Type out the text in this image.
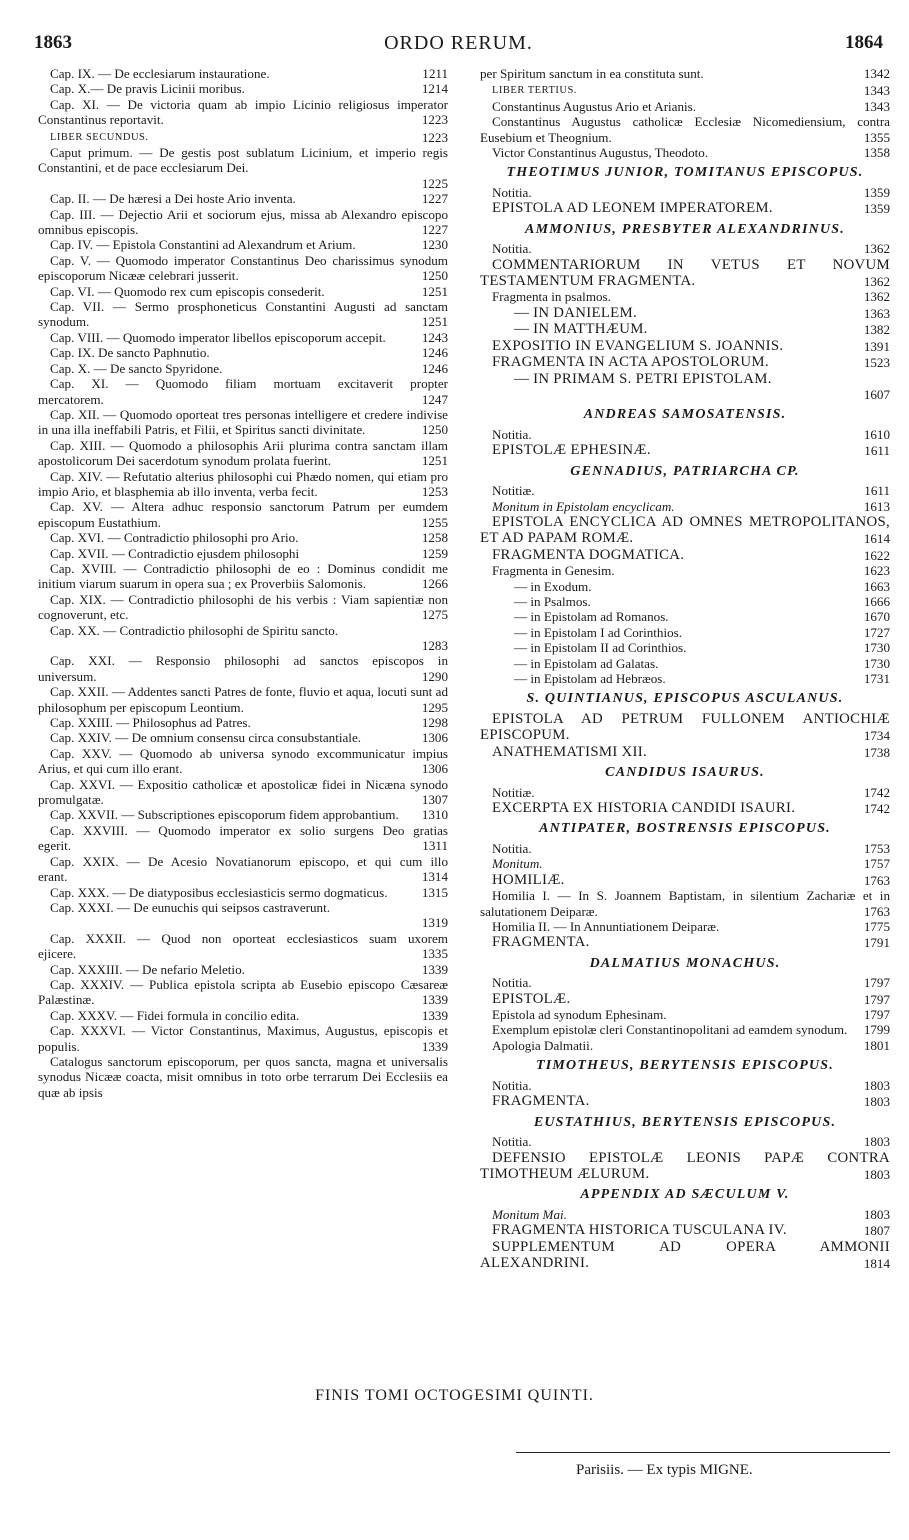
1863	ORDO RERUM.	1864
Cap. IX. — De ecclesiarum instauratione.	1211
Cap. X.— De pravis Licinii moribus.	1214
Cap. XI. — De victoria quam ab impio Licinio religiosus imperator Constantinus reportavit.	1223
LIBER SECUNDUS.	1223
Caput primum. — De gestis post sublatum Licinium, et imperio regis Constantini, et de pace ecclesiarum Dei.
1225
Cap. II. — De hæresi a Dei hoste Ario inventa.	1227
Cap. III. — Dejectio Arii et sociorum ejus, missa ab Alexandro episcopo omnibus episcopis.	1227
Cap. IV. — Epistola Constantini ad Alexandrum et Arium.	1230
Cap. V. — Quomodo imperator Constantinus Deo charissimus synodum episcoporum Nicææ celebrari jusserit.	1250
Cap. VI. — Quomodo rex cum episcopis consederit.	1251
Cap. VII. — Sermo prosphoneticus Constantini Augusti ad sanctam synodum.	1251
Cap. VIII. — Quomodo imperator libellos episcoporum accepit.	1243
Cap. IX. De sancto Paphnutio.	1246
Cap. X. — De sancto Spyridone.	1246
Cap. XI. — Quomodo filiam mortuam excitaverit propter mercatorem.	1247
Cap. XII. — Quomodo oporteat tres personas intelligere et credere indivise in una illa ineffabili Patris, et Filii, et Spiritus sancti divinitate.	1250
Cap. XIII. — Quomodo a philosophis Arii plurima contra sanctam illam apostolicorum Dei sacerdotum synodum prolata fuerint.	1251
Cap. XIV. — Refutatio alterius philosophi cui Phædo nomen, qui etiam pro impio Ario, et blasphemia ab illo inventa, verba fecit.	1253
Cap. XV. — Altera adhuc responsio sanctorum Patrum per eumdem episcopum Eustathium.	1255
Cap. XVI. — Contradictio philosophi pro Ario.	1258
Cap. XVII. — Contradictio ejusdem philosophi	1259
Cap. XVIII. — Contradictio philosophi de eo : Dominus condidit me initium viarum suarum in opera sua ; ex Proverbiis Salomonis.	1266
Cap. XIX. — Contradictio philosophi de his verbis : Viam sapientiæ non cognoverunt, etc.	1275
Cap. XX. — Contradictio philosophi de Spiritu sancto.
1283
Cap. XXI. — Responsio philosophi ad sanctos episcopos in universum.	1290
Cap. XXII. — Addentes sancti Patres de fonte, fluvio et aqua, locuti sunt ad philosophum per episcopum Leontium.	1295
Cap. XXIII. — Philosophus ad Patres.	1298
Cap. XXIV. — De omnium consensu circa consubstantiale.	1306
Cap. XXV. — Quomodo ab universa synodo excommunicatur impius Arius, et qui cum illo erant.	1306
Cap. XXVI. — Expositio catholicæ et apostolicæ fidei in Nicæna synodo promulgatæ.	1307
Cap. XXVII. — Subscriptiones episcoporum fidem approbantium. 1310
Cap. XXVIII. — Quomodo imperator ex solio surgens Deo gratias egerit.	1311
Cap. XXIX. — De Acesio Novatianorum episcopo, et qui cum illo erant.	1314
Cap. XXX. — De diatyposibus ecclesiasticis sermo dogmaticus.	1315
Cap. XXXI. — De eunuchis qui seipsos castraverunt.
1319
Cap. XXXII. — Quod non oporteat ecclesiasticos suam uxorem ejicere.	1335
Cap. XXXIII. — De nefario Meletio.	1339
Cap. XXXIV. — Publica epistola scripta ab Eusebio episcopo Cæsareæ Palæstinæ.	1339
Cap. XXXV. — Fidei formula in concilio edita.	1339
Cap. XXXVI. — Victor Constantinus, Maximus, Augustus, episcopis et populis.	1339
Catalogus sanctorum episcoporum, per quos sancta, magna et universalis synodus Nicææ coacta, misit omnibus in toto orbe terrarum Dei Ecclesiis ea quæ ab ipsis
per Spiritum sanctum in ea constituta sunt.	1342
LIBER TERTIUS.	1343
Constantinus Augustus Ario et Arianis.	1343
Constantinus Augustus catholicæ Ecclesiæ Nicomediensium, contra Eusebium et Theognium.	1355
Victor Constantinus Augustus, Theodoto.	1358
THEOTIMUS JUNIOR, TOMITANUS EPISCOPUS.
Notitia.	1359
EPISTOLA AD LEONEM IMPERATOREM.	1359
AMMONIUS, PRESBYTER ALEXANDRINUS.
Notitia.	1362
COMMENTARIORUM IN VETUS ET NOVUM TESTAMENTUM FRAGMENTA.	1362
Fragmenta in psalmos.	1362
— IN DANIELEM.	1363
— IN MATTHÆUM.	1382
EXPOSITIO IN EVANGELIUM S. JOANNIS.	1391
FRAGMENTA IN ACTA APOSTOLORUM.	1523
— IN PRIMAM S. PETRI EPISTOLAM.
1607
ANDREAS SAMOSATENSIS.
Notitia.	1610
EPISTOLÆ EPHESINÆ.	1611
GENNADIUS, PATRIARCHA CP.
Notitiæ.	1611
Monitum in Epistolam encyclicam.	1613
EPISTOLA ENCYCLICA AD OMNES METROPOLITANOS, ET AD PAPAM ROMÆ.	1614
FRAGMENTA DOGMATICA.	1622
Fragmenta in Genesim.	1623
— in Exodum.	1663
— in Psalmos.	1666
— in Epistolam ad Romanos.	1670
— in Epistolam I ad Corinthios.	1727
— in Epistolam II ad Corinthios.	1730
— in Epistolam ad Galatas.	1730
— in Epistolam ad Hebræos.	1731
S. QUINTIANUS, EPISCOPUS ASCULANUS.
EPISTOLA AD PETRUM FULLONEM ANTIOCHIÆ EPISCOPUM.	1734
ANATHEMATISMI XII.	1738
CANDIDUS ISAURUS.
Notitiæ.	1742
EXCERPTA EX HISTORIA CANDIDI ISAURI.	1742
ANTIPATER, BOSTRENSIS EPISCOPUS.
Notitia.	1753
Monitum.	1757
HOMILIÆ.	1763
Homilia I. — In S. Joannem Baptistam, in silentium Zachariæ et in salutationem Deiparæ.	1763
Homilia II. — In Annuntiationem Deiparæ.	1775
FRAGMENTA.	1791
DALMATIUS MONACHUS.
Notitia.	1797
EPISTOLÆ.	1797
Epistola ad synodum Ephesinam.	1797
Exemplum epistolæ cleri Constantinopolitani ad eamdem synodum. 1799
Apologia Dalmatii.	1801
TIMOTHEUS, BERYTENSIS EPISCOPUS.
Notitia.	1803
FRAGMENTA.	1803
EUSTATHIUS, BERYTENSIS EPISCOPUS.
Notitia.	1803
DEFENSIO EPISTOLÆ LEONIS PAPÆ CONTRA TIMOTHEUM ÆLURUM.	1803
APPENDIX AD SÆCULUM V.
Monitum Mai.	1803
FRAGMENTA HISTORICA TUSCULANA IV.	1807
SUPPLEMENTUM AD OPERA AMMONII ALEXANDRINI.	1814
FINIS TOMI OCTOGESIMI QUINTI.
Parisiis. — Ex typis MIGNE.
